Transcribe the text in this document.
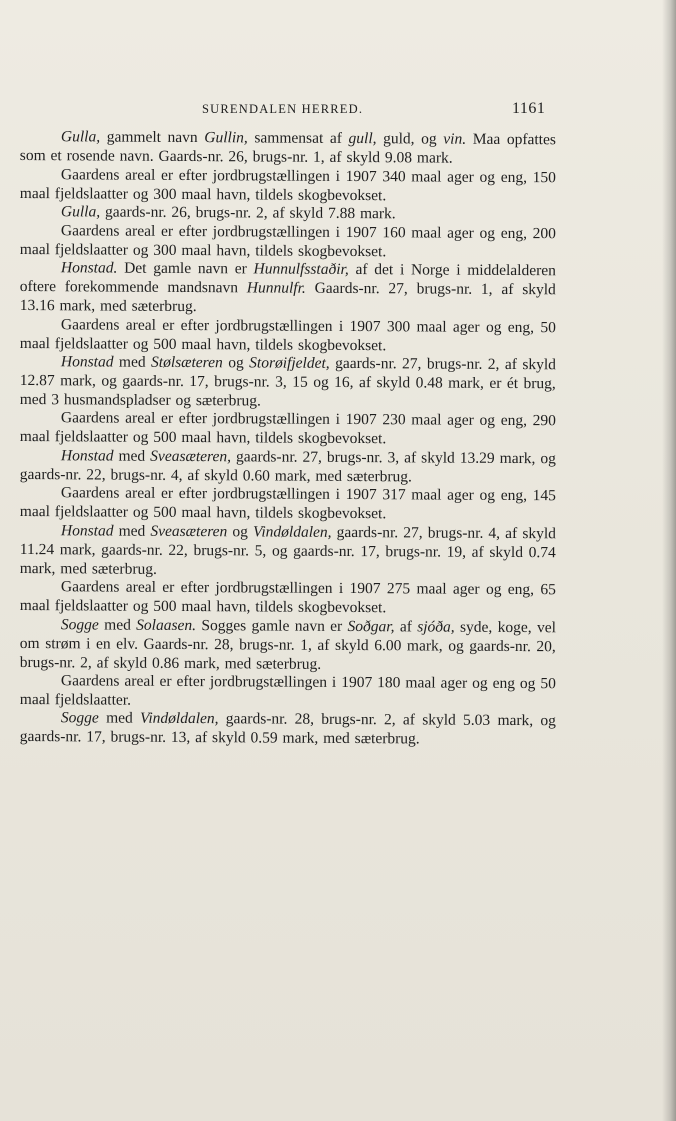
SURENDALEN HERRED.	1161

Gulla, gammelt navn Gullin, sammensat af gull, guld, og vin. Maa opfattes som et rosende navn. Gaards-nr. 26, brugs-nr. 1, af skyld 9.08 mark.

Gaardens areal er efter jordbrugstællingen i 1907 340 maal ager og eng, 150 maal fjeldslaatter og 300 maal havn, tildels skogbevokset.

Gulla, gaards-nr. 26, brugs-nr. 2, af skyld 7.88 mark.

Gaardens areal er efter jordbrugstællingen i 1907 160 maal ager og eng, 200 maal fjeldslaatter og 300 maal havn, tildels skogbevokset.

Honstad. Det gamle navn er Hunnulfsstaðir, af det i Norge i middelalderen oftere forekommende mandsnavn Hunnulfr. Gaards-nr. 27, brugs-nr. 1, af skyld 13.16 mark, med sæterbrug.

Gaardens areal er efter jordbrugstællingen i 1907 300 maal ager og eng, 50 maal fjeldslaatter og 500 maal havn, tildels skogbevokset.

Honstad med Stølsæteren og Storøifjeldet, gaards-nr. 27, brugs-nr. 2, af skyld 12.87 mark, og gaards-nr. 17, brugs-nr. 3, 15 og 16, af skyld 0.48 mark, er ét brug, med 3 husmandspladser og sæterbrug.

Gaardens areal er efter jordbrugstællingen i 1907 230 maal ager og eng, 290 maal fjeldslaatter og 500 maal havn, tildels skogbevokset.

Honstad med Sveasæteren, gaards-nr. 27, brugs-nr. 3, af skyld 13.29 mark, og gaards-nr. 22, brugs-nr. 4, af skyld 0.60 mark, med sæterbrug.

Gaardens areal er efter jordbrugstællingen i 1907 317 maal ager og eng, 145 maal fjeldslaatter og 500 maal havn, tildels skogbevokset.

Honstad med Sveasæteren og Vindøldalen, gaards-nr. 27, brugs-nr. 4, af skyld 11.24 mark, gaards-nr. 22, brugs-nr. 5, og gaards-nr. 17, brugs-nr. 19, af skyld 0.74 mark, med sæterbrug.

Gaardens areal er efter jordbrugstællingen i 1907 275 maal ager og eng, 65 maal fjeldslaatter og 500 maal havn, tildels skogbevokset.

Sogge med Solaasen. Sogges gamle navn er Soðgar, af sjóða, syde, koge, vel om strøm i en elv. Gaards-nr. 28, brugs-nr. 1, af skyld 6.00 mark, og gaards-nr. 20, brugs-nr. 2, af skyld 0.86 mark, med sæterbrug.

Gaardens areal er efter jordbrugstællingen i 1907 180 maal ager og eng og 50 maal fjeldslaatter.

Sogge med Vindøldalen, gaards-nr. 28, brugs-nr. 2, af skyld 5.03 mark, og gaards-nr. 17, brugs-nr. 13, af skyld 0.59 mark, med sæterbrug.
